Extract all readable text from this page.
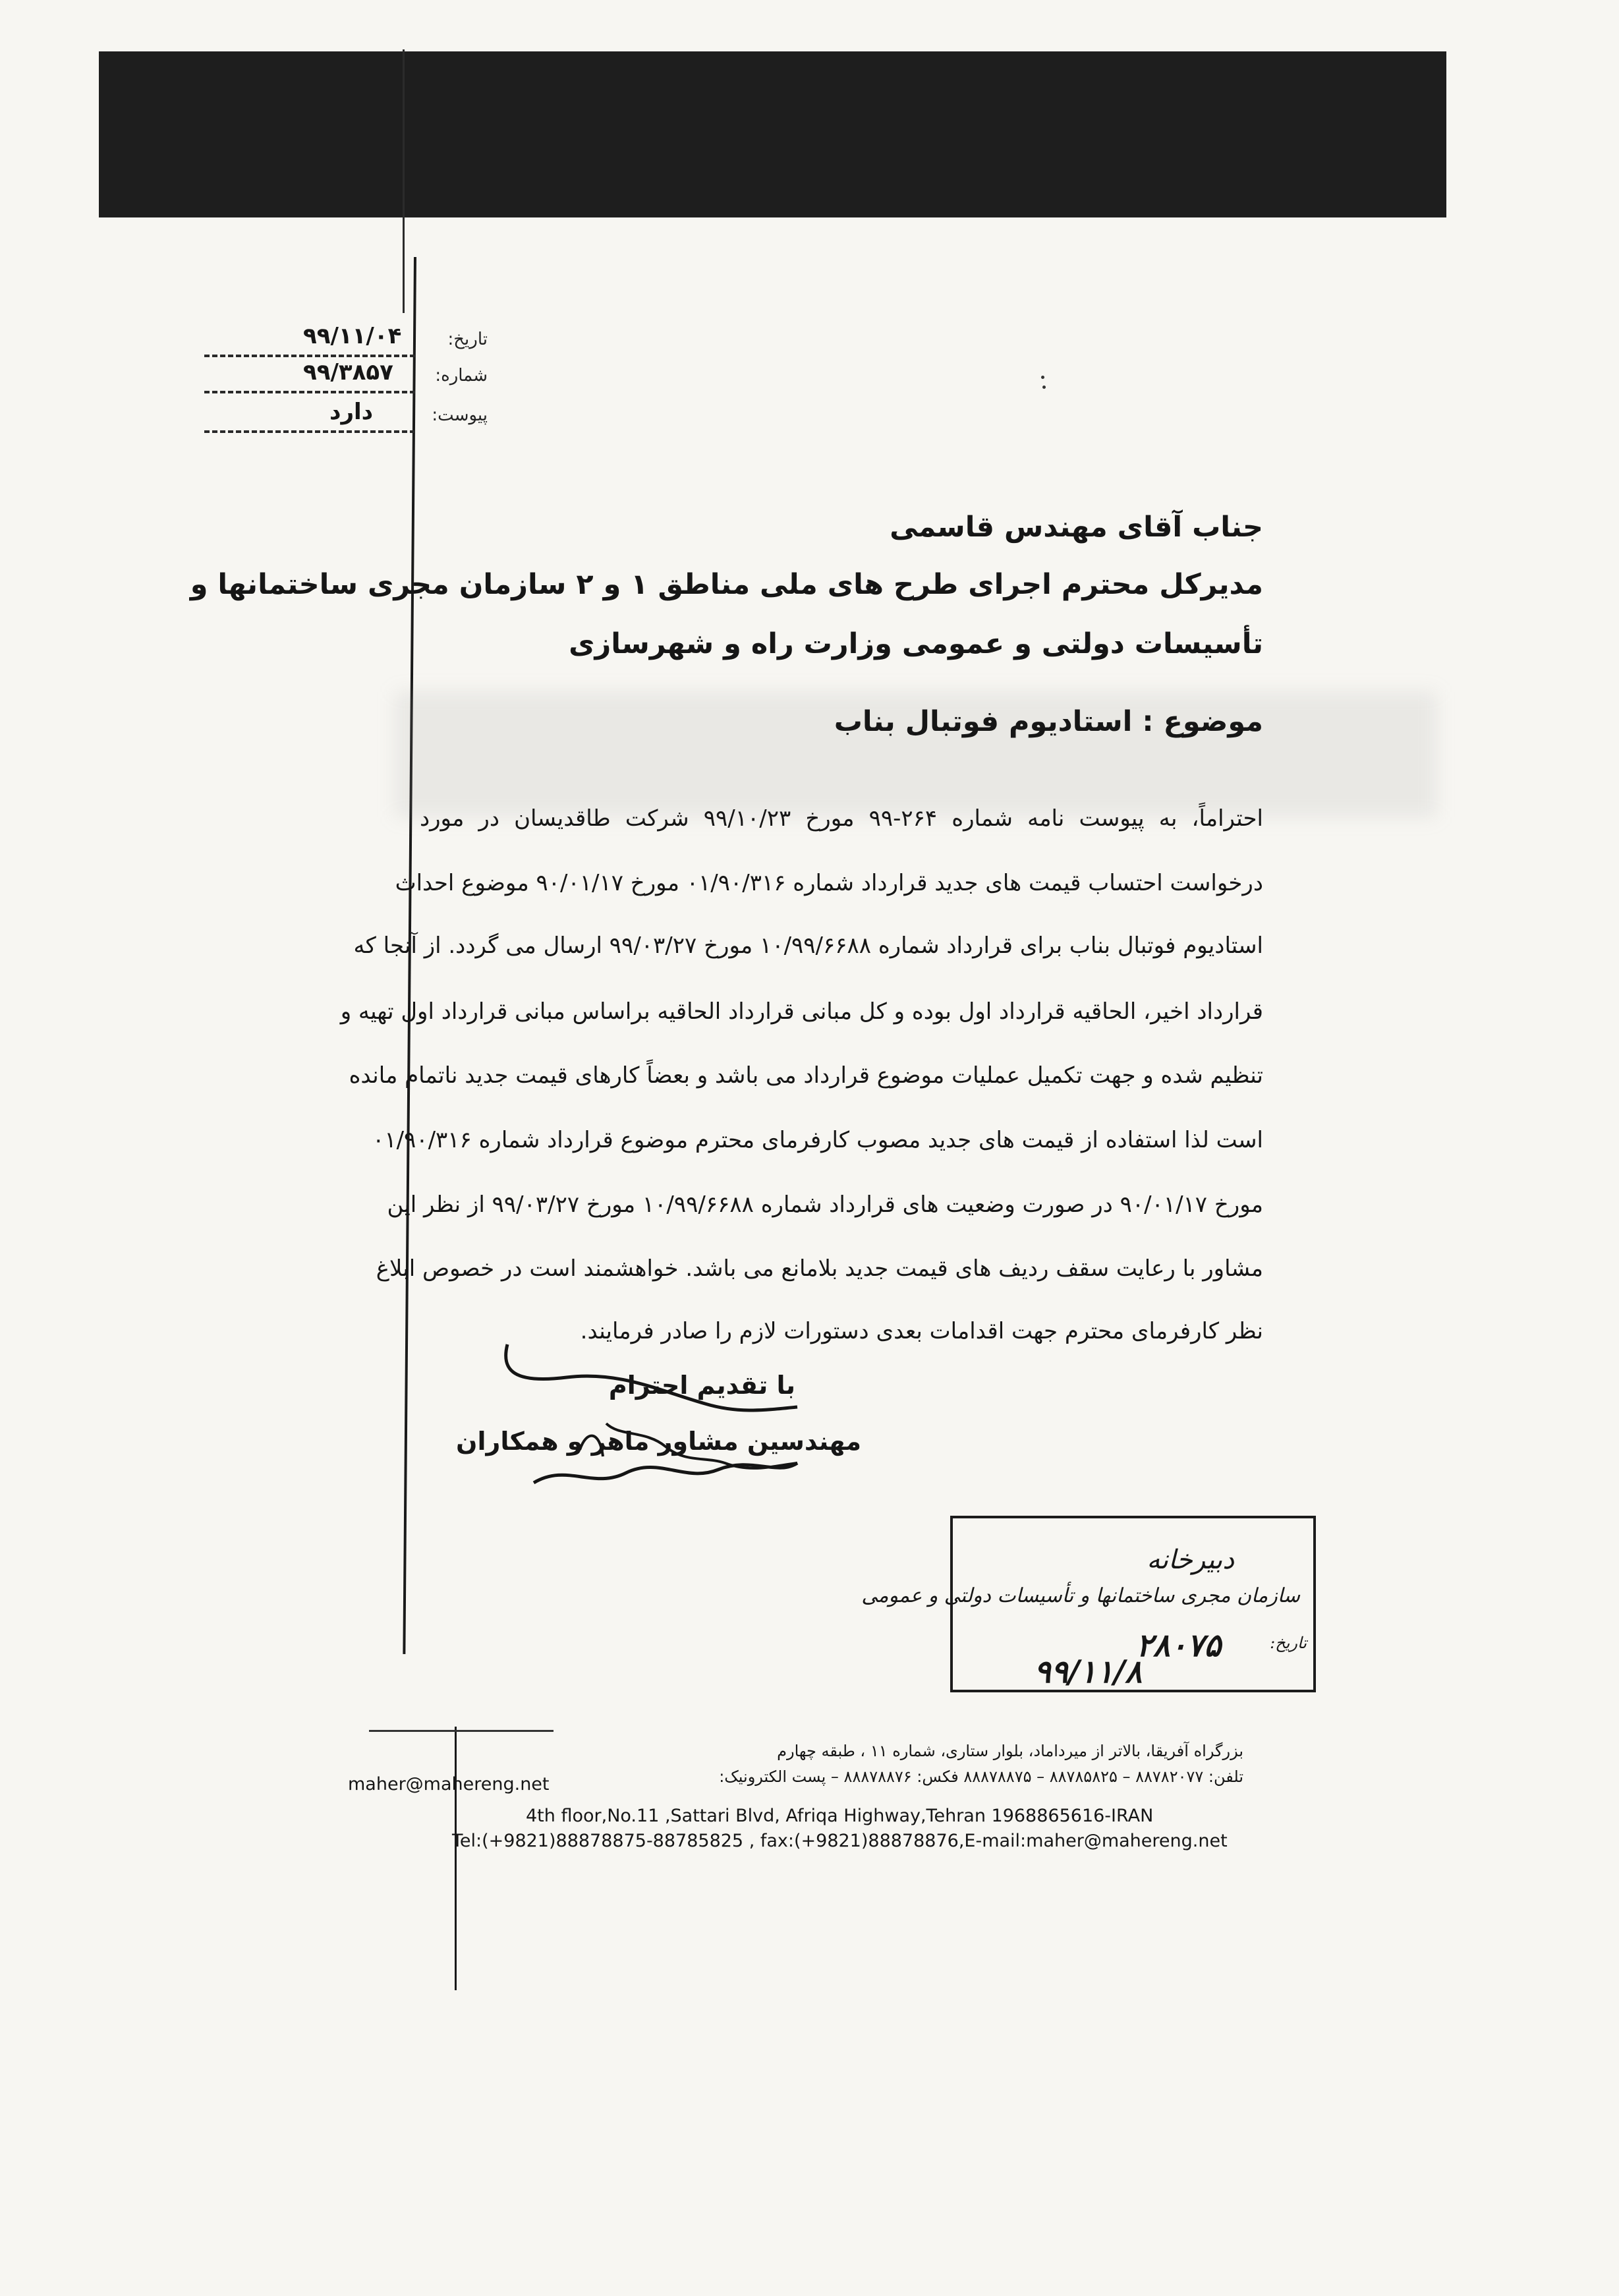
۹۹/۱۱/۰۴	تاریخ:
۹۹/۳۸۵۷ شماره:
دارد	پیوست:
جناب آقای مهندس قاسمی
مدیرکل محترم اجرای طرح های ملی مناطق ۱ و ۲ سازمان مجری ساختمانها و
تأسیسات دولتی و عمومی وزارت راه و شهرسازی
موضوع : استادیوم فوتبال بناب
احتراماً، به پیوست نامه شماره ۲۶۴-۹۹ مورخ ۹۹/۱۰/۲۳ شرکت طاقدیسان در مورد
درخواست احتساب قیمت های جدید قرارداد شماره ۰۱/۹۰/۳۱۶ مورخ ۹۰/۰۱/۱۷ موضوع احداث
استادیوم فوتبال بناب برای قرارداد شماره ۱۰/۹۹/۶۶۸۸ مورخ ۹۹/۰۳/۲۷ ارسال می گردد. از آنجا که
قرارداد اخیر، الحاقیه قرارداد اول بوده و کل مبانی قرارداد الحاقیه براساس مبانی قرارداد اول تهیه و
تنظیم شده و جهت تکمیل عملیات موضوع قرارداد می باشد و بعضاً کارهای قیمت جدید ناتمام مانده
است لذا استفاده از قیمت های جدید مصوب کارفرمای محترم موضوع قرارداد شماره ۰۱/۹۰/۳۱۶
مورخ ۹۰/۰۱/۱۷ در صورت وضعیت های قرارداد شماره ۱۰/۹۹/۶۶۸۸ مورخ ۹۹/۰۳/۲۷ از نظر این
مشاور با رعایت سقف ردیف های قیمت جدید بلامانع می باشد. خواهشمند است در خصوص ابلاغ
نظر کارفرمای محترم جهت اقدامات بعدی دستورات لازم را صادر فرمایند.
با تقدیم احترام
مهندسین مشاور ماهر و همکاران
دبیرخانه
سازمان مجری ساختمانها و تأسیسات دولتی و عمومی
۲۸۰۷۵	تاریخ:
۹۹/۱۱/۸
بزرگراه آفریقا، بالاتر از میرداماد، بلوار ستاری، شماره ۱۱ ، طبقه چهارم
تلفن: ۸۸۷۸۲۰۷۷ – ۸۸۷۸۵۸۲۵ – ۸۸۸۷۸۸۷۵ فکس: ۸۸۸۷۸۸۷۶ – پست الکترونیک:
maher@mahereng.net
4th floor,No.11 ,Sattari Blvd, Afriqa Highway,Tehran 1968865616-IRAN
Tel:(+9821)88878875-88785825 , fax:(+9821)88878876,E-mail:maher@mahereng.net
